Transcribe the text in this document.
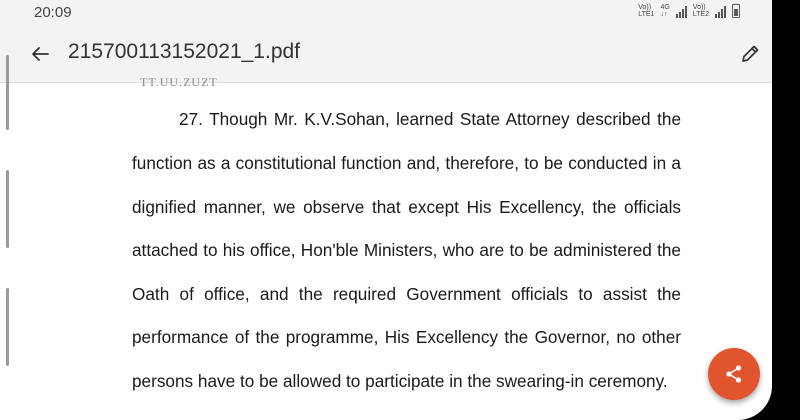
20:09	Vo))
LTE1
4G
↓↑
Vo))
LTE2
215700113152021_1.pdf
TT.UU.ZUZT
27. Though Mr. K.V.Sohan, learned State Attorney described the
function as a constitutional function and, therefore, to be conducted in a
dignified manner, we observe that except His Excellency, the officials
attached to his office, Hon'ble Ministers, who are to be administered the
Oath of office, and the required Government officials to assist the
performance of the programme, His Excellency the Governor, no other
persons have to be allowed to participate in the swearing-in ceremony.
